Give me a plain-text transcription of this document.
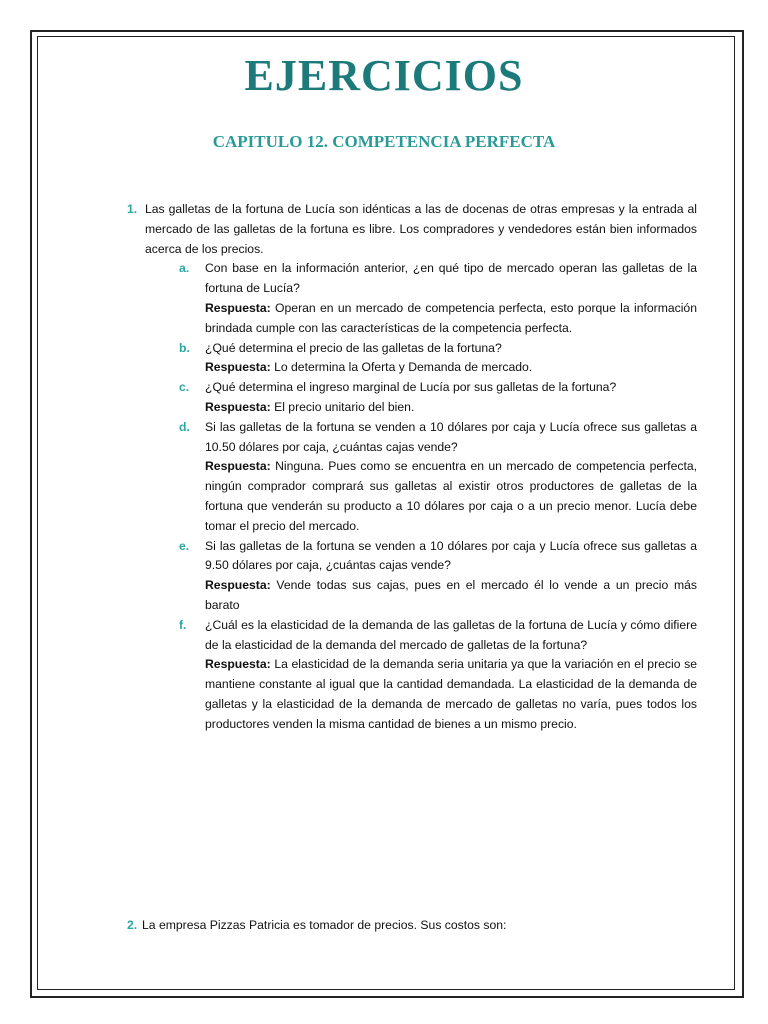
EJERCICIOS
CAPITULO 12. COMPETENCIA PERFECTA
1. Las galletas de la fortuna de Lucía son idénticas a las de docenas de otras empresas y la entrada al mercado de las galletas de la fortuna es libre. Los compradores y vendedores están bien informados acerca de los precios.
a.	Con base en la información anterior, ¿en qué tipo de mercado operan las galletas de la fortuna de Lucía?
Respuesta: Operan en un mercado de competencia perfecta, esto porque la información brindada cumple con las características de la competencia perfecta.
b.	¿Qué determina el precio de las galletas de la fortuna?
Respuesta: Lo determina la Oferta y Demanda de mercado.
c.	¿Qué determina el ingreso marginal de Lucía por sus galletas de la fortuna?
Respuesta: El precio unitario del bien.
d.	Si las galletas de la fortuna se venden a 10 dólares por caja y Lucía ofrece sus galletas a 10.50 dólares por caja, ¿cuántas cajas vende?
Respuesta: Ninguna. Pues como se encuentra en un mercado de competencia perfecta, ningún comprador comprará sus galletas al existir otros productores de galletas de la fortuna que venderán su producto a 10 dólares por caja o a un precio menor. Lucía debe tomar el precio del mercado.
e.	Si las galletas de la fortuna se venden a 10 dólares por caja y Lucía ofrece sus galletas a 9.50 dólares por caja, ¿cuántas cajas vende?
Respuesta: Vende todas sus cajas, pues en el mercado él lo vende a un precio más barato
f.	¿Cuál es la elasticidad de la demanda de las galletas de la fortuna de Lucía y cómo difiere de la elasticidad de la demanda del mercado de galletas de la fortuna?
Respuesta: La elasticidad de la demanda seria unitaria ya que la variación en el precio se mantiene constante al igual que la cantidad demandada. La elasticidad de la demanda de galletas y la elasticidad de la demanda de mercado de galletas no varía, pues todos los productores venden la misma cantidad de bienes a un mismo precio.
2. La empresa Pizzas Patricia es tomador de precios. Sus costos son:
